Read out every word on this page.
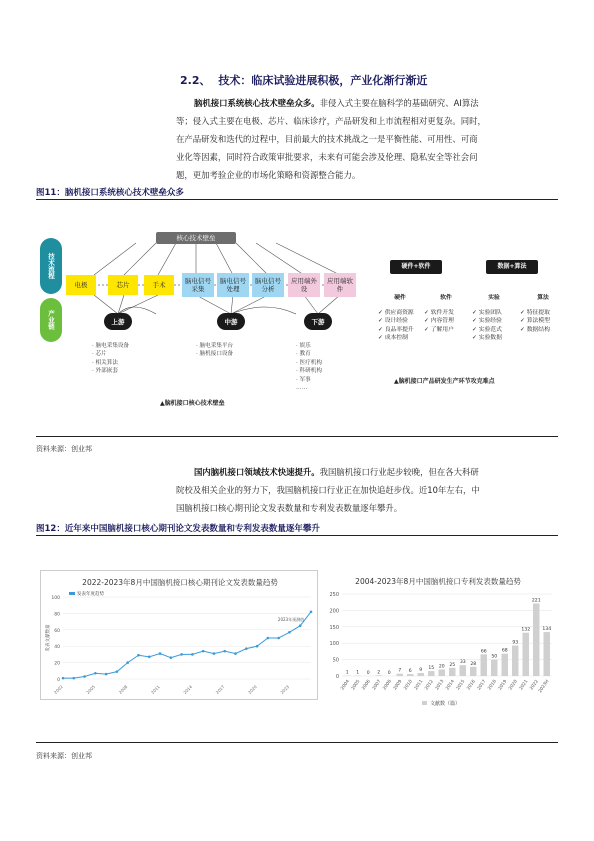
2.2、 技术：临床试验进展积极，产业化渐行渐近
脑机接口系统核心技术壁垒众多。非侵入式主要在脑科学的基础研究、AI算法
等；侵入式主要在电极、芯片、临床诊疗，产品研发和上市流程相对更复杂。同时，
在产品研发和迭代的过程中，目前最大的技术挑战之一是平衡性能、可用性、可商
业化等因素，同时符合政策审批要求，未来有可能会涉及伦理、隐私安全等社会问
题，更加考验企业的市场化策略和资源整合能力。
图11：脑机接口系统核心技术壁垒众多
核心技术壁垒
技术流程
产业链
电极	芯片	手术	脑电信号采集
脑电信号处理
脑电信号分析
应用端外设
应用端软件
上游	中游	下游
· 脑电采集设备
· 芯片
· 相关算法
· 外部嵌套
· 脑电采集平台
· 脑机接口设备
· 娱乐
· 教育
· 医疗机构
· 科研机构
· 军事
……
▲脑机接口核心技术壁垒
硬件+软件	数据+算法
硬件
✓ 供应商资源
✓ 设计经验
✓ 良品率提升
✓ 成本控制
软件
✓ 软件开发
✓ 内容管理
✓ 了解用户
实验
✓ 实验团队
✓ 实验经验
✓ 实验范式
✓ 实验数据
算法
✓ 特征提取
✓ 算法模型
✓ 数据结构
▲脑机接口产品研发生产环节攻克难点
资料来源：创业邦
国内脑机接口领域技术快速提升。我国脑机接口行业起步较晚，但在各大科研
院校及相关企业的努力下，我国脑机接口行业正在加快追赶步伐。近10年左右，中
国脑机接口核心期刊论文发表数量和专利发表数量逐年攀升。
图12：近年来中国脑机接口核心期刊论文发表数量和专利发表数量逐年攀升
2022-2023年8月中国脑机接口核心期刊论文发表数量趋势
0
20
40
60
80
100
发表文献数量
发表年度趋势
2002	2005	2008	2011	2014	2017	2020	2023
2023年预测值
2004-2023年8月中国脑机接口专利发表数量趋势
0
50
100
150
200
250
1
2004
1
2005
0
2006
2
2007
0
2008
7
2009
6
2010
9
2011
15
2012
20
2013
25
2014
33
2015
28
2016
66
2017
50
2018
68
2019
93
2020
132
2021
221
2022
134
2023H
文献数（篇）
资料来源：创业邦
